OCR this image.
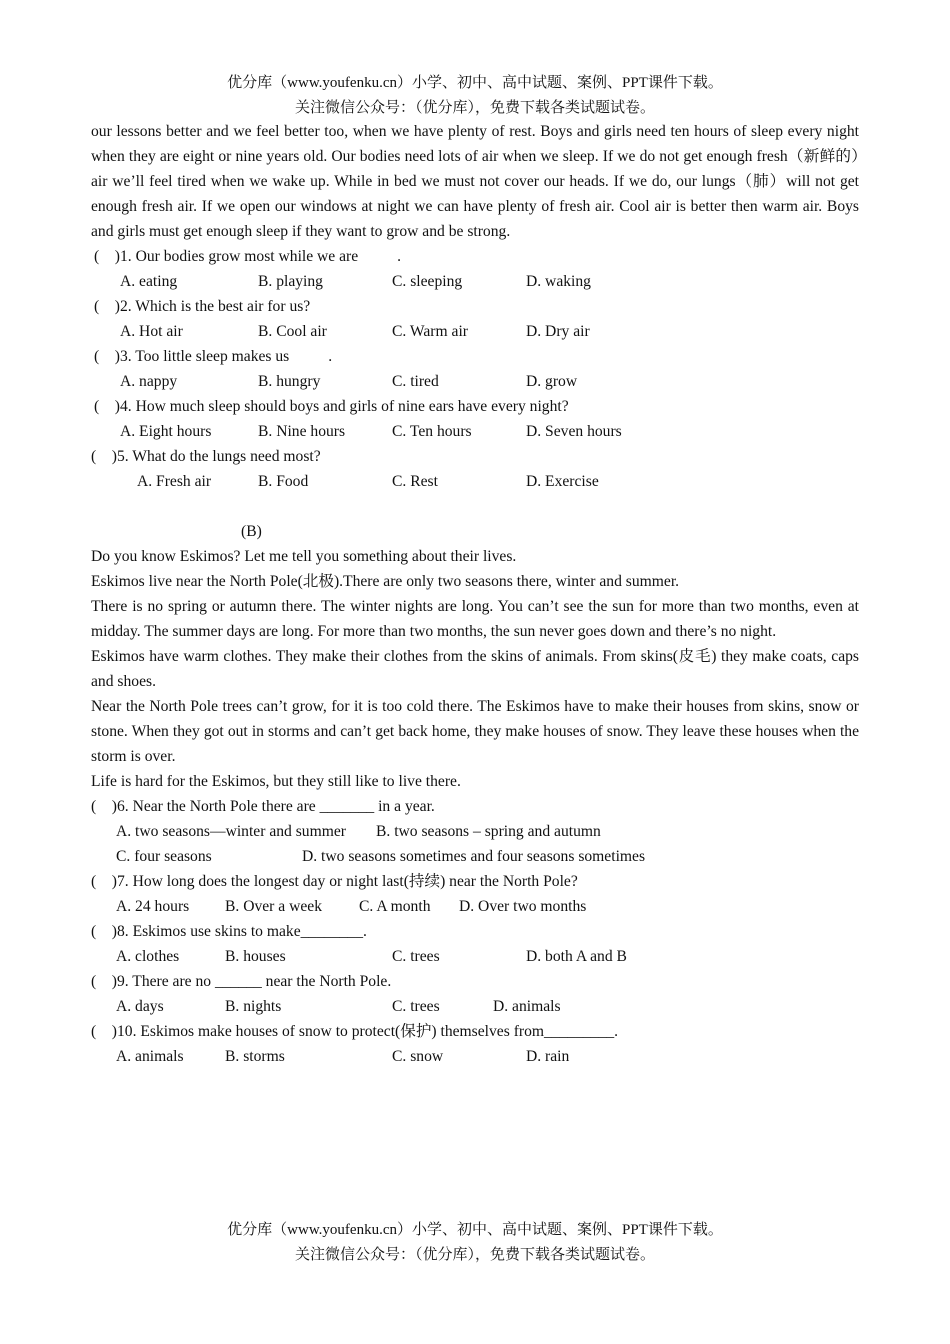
优分库（www.youfenku.cn）小学、初中、高中试题、案例、PPT课件下载。
关注微信公众号：（优分库），免费下载各类试题试卷。

our lessons better and we feel better too, when we have plenty of rest. Boys and girls need ten hours of sleep every night when they are eight or nine years old. Our bodies need lots of air when we sleep. If we do not get enough fresh（新鲜的）air we’ll feel tired when we wake up. While in bed we must not cover our heads. If we do, our lungs（肺）will not get enough fresh air. If we open our windows at night we can have plenty of fresh air. Cool air is better then warm air. Boys and girls must get enough sleep if they want to grow and be strong.

(    )1. Our bodies grow most while we are          .
A. eating	B. playing	C. sleeping	D. waking
(    )2. Which is the best air for us?
A. Hot air	B. Cool air	C. Warm air	D. Dry air
(    )3. Too little sleep makes us          .
A. nappy	B. hungry	C. tired	D. grow
(    )4. How much sleep should boys and girls of nine ears have every night?
A. Eight hours	B. Nine hours	C. Ten hours	D. Seven hours
(    )5. What do the lungs need most?
A. Fresh air	B. Food	C. Rest	D. Exercise
(B)

Do you know Eskimos? Let me tell you something about their lives.

Eskimos live near the North Pole(北极).There are only two seasons there, winter and summer.

There is no spring or autumn there. The winter nights are long. You can’t see the sun for more than two months, even at midday. The summer days are long. For more than two months, the sun never goes down and there’s no night.

Eskimos have warm clothes. They make their clothes from the skins of animals. From skins(皮毛) they make coats, caps and shoes.

Near the North Pole trees can’t grow, for it is too cold there. The Eskimos have to make their houses from skins, snow or stone. When they got out in storms and can’t get back home, they make houses of snow. They leave these houses when the storm is over.

Life is hard for the Eskimos, but they still like to live there.

(    )6. Near the North Pole there are _______ in a year.
A. two seasons—winter and summer B. two seasons – spring and autumn
C. four seasons	D. two seasons sometimes and four seasons sometimes
(    )7. How long does the longest day or night last(持续) near the North Pole?
A. 24 hours B. Over a week C. A month D. Over two months
(    )8. Eskimos use skins to make________.
A. clothes	B. houses	C. trees	D. both A and B
(    )9. There are no ______ near the North Pole.
A. days	B. nights	C. trees	D. animals
(    )10. Eskimos make houses of snow to protect(保护) themselves from_________.
A. animals	B. storms	C. snow	D. rain
优分库（www.youfenku.cn）小学、初中、高中试题、案例、PPT课件下载。
关注微信公众号：（优分库），免费下载各类试题试卷。
